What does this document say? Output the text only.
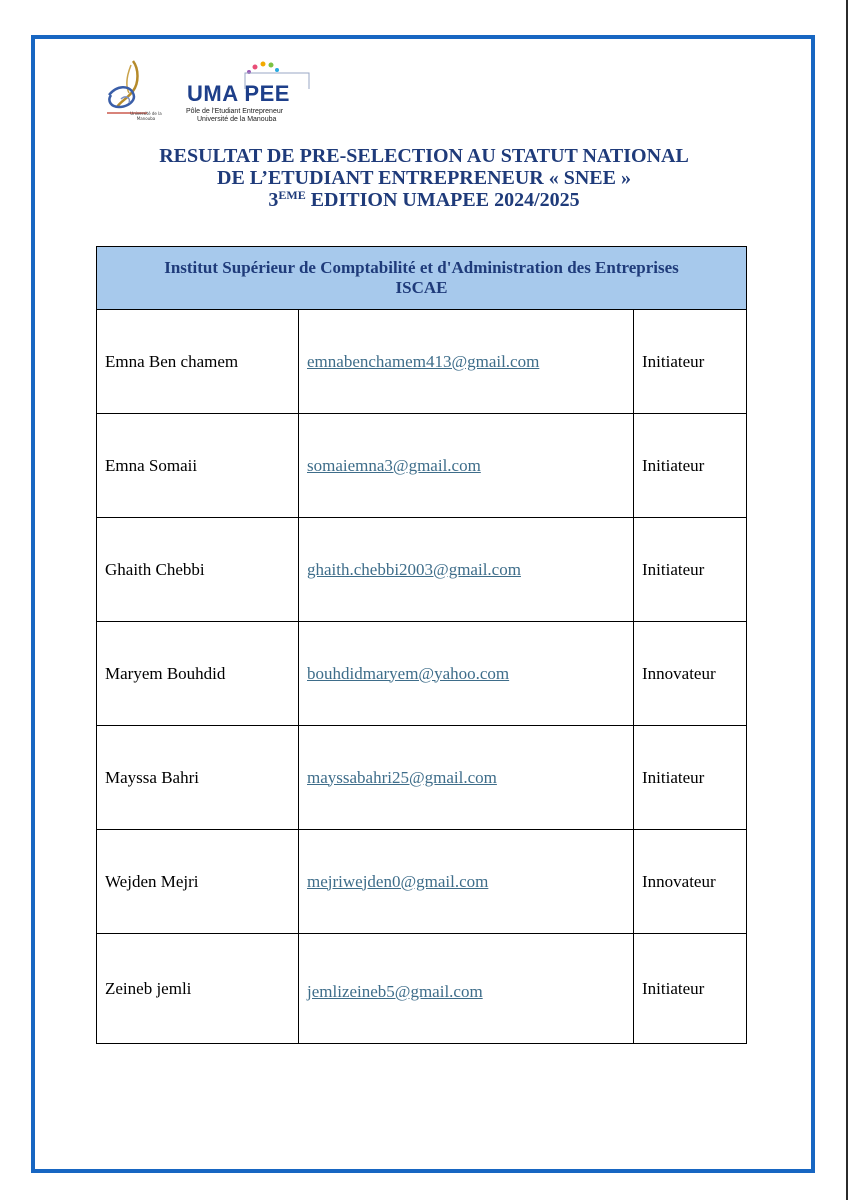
Université de la Manouba
UMA PEE
Pôle de l'Etudiant Entrepreneur
Université de la Manouba
RESULTAT DE PRE-SELECTION AU STATUT NATIONAL
DE L’ETUDIANT ENTREPRENEUR « SNEE »
3EME EDITION UMAPEE 2024/2025
Institut Supérieur de Comptabilité et d'Administration des Entreprises
ISCAE		

Emna Ben chamem	emnabenchamem413@gmail.com	Initiateur
Emna Somaii	somaiemna3@gmail.com	Initiateur
Ghaith Chebbi	ghaith.chebbi2003@gmail.com	Initiateur
Maryem Bouhdid	bouhdidmaryem@yahoo.com	Innovateur
Mayssa Bahri	mayssabahri25@gmail.com	Initiateur
Wejden Mejri	mejriwejden0@gmail.com	Innovateur
Zeineb jemli	jemlizeineb5@gmail.com	Initiateur
